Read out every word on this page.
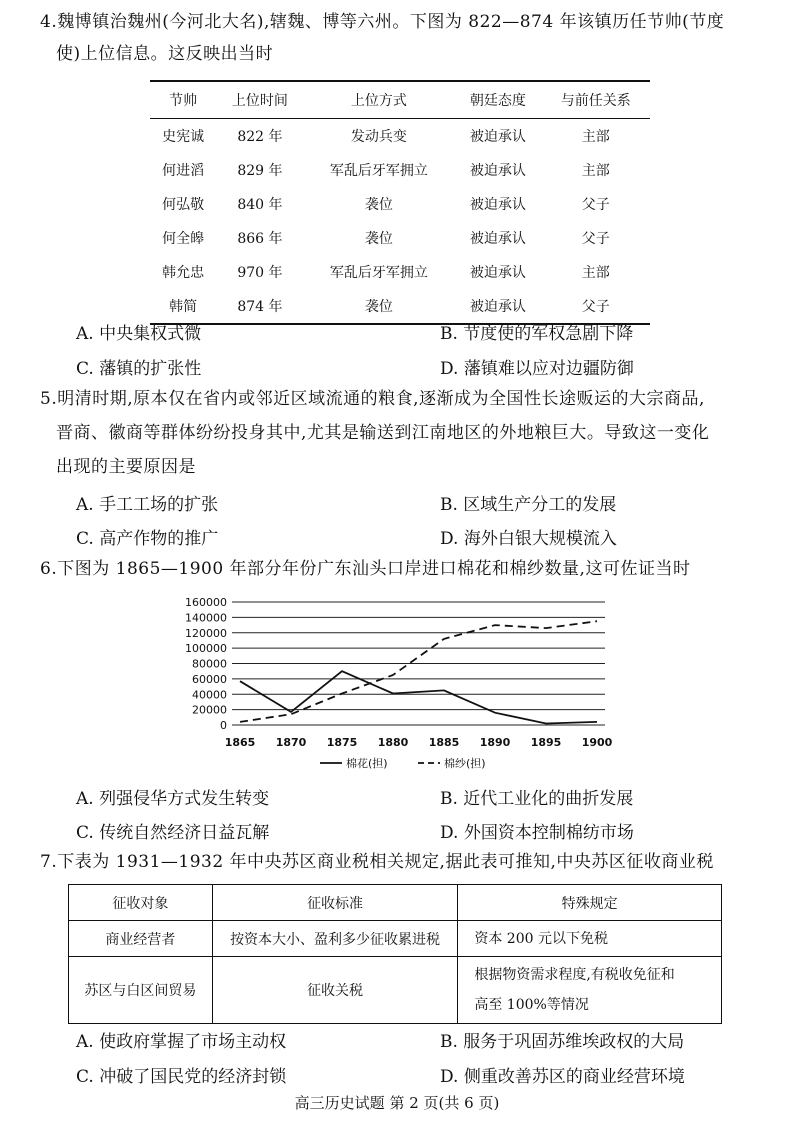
4.魏博镇治魏州(今河北大名),辖魏、博等六州。下图为 822—874 年该镇历任节帅(节度
使)上位信息。这反映出当时
节帅	上位时间	上位方式	朝廷态度	与前任关系
史宪诚	822 年	发动兵变	被迫承认	主部
何进滔	829 年	军乱后牙军拥立	被迫承认	主部
何弘敬	840 年	袭位	被迫承认	父子
何全皞	866 年	袭位	被迫承认	父子
韩允忠	970 年	军乱后牙军拥立	被迫承认	主部
韩简	874 年	袭位	被迫承认	父子
A. 中央集权式微	B. 节度使的军权急剧下降
C. 藩镇的扩张性	D. 藩镇难以应对边疆防御
5.明清时期,原本仅在省内或邻近区域流通的粮食,逐渐成为全国性长途贩运的大宗商品,
晋商、徽商等群体纷纷投身其中,尤其是输送到江南地区的外地粮巨大。导致这一变化
出现的主要原因是
A. 手工工场的扩张	B. 区域生产分工的发展
C. 高产作物的推广	D. 海外白银大规模流入
6.下图为 1865—1900 年部分年份广东汕头口岸进口棉花和棉纱数量,这可佐证当时
0
20000
40000
60000
80000
100000
120000
140000
160000
1865 1870 1875 1880 1885 1890 1895 1900
棉花(担)	棉纱(担)
A. 列强侵华方式发生转变	B. 近代工业化的曲折发展
C. 传统自然经济日益瓦解	D. 外国资本控制棉纺市场
7.下表为 1931—1932 年中央苏区商业税相关规定,据此表可推知,中央苏区征收商业税
征收对象	征收标准	特殊规定
商业经营者	按资本大小、盈利多少征收累进税	资本 200 元以下免税
苏区与白区间贸易	征收关税	根据物资需求程度,有税收免征和
高至 100%等情况
A. 使政府掌握了市场主动权	B. 服务于巩固苏维埃政权的大局
C. 冲破了国民党的经济封锁	D. 侧重改善苏区的商业经营环境
高三历史试题 第 2 页(共 6 页)
